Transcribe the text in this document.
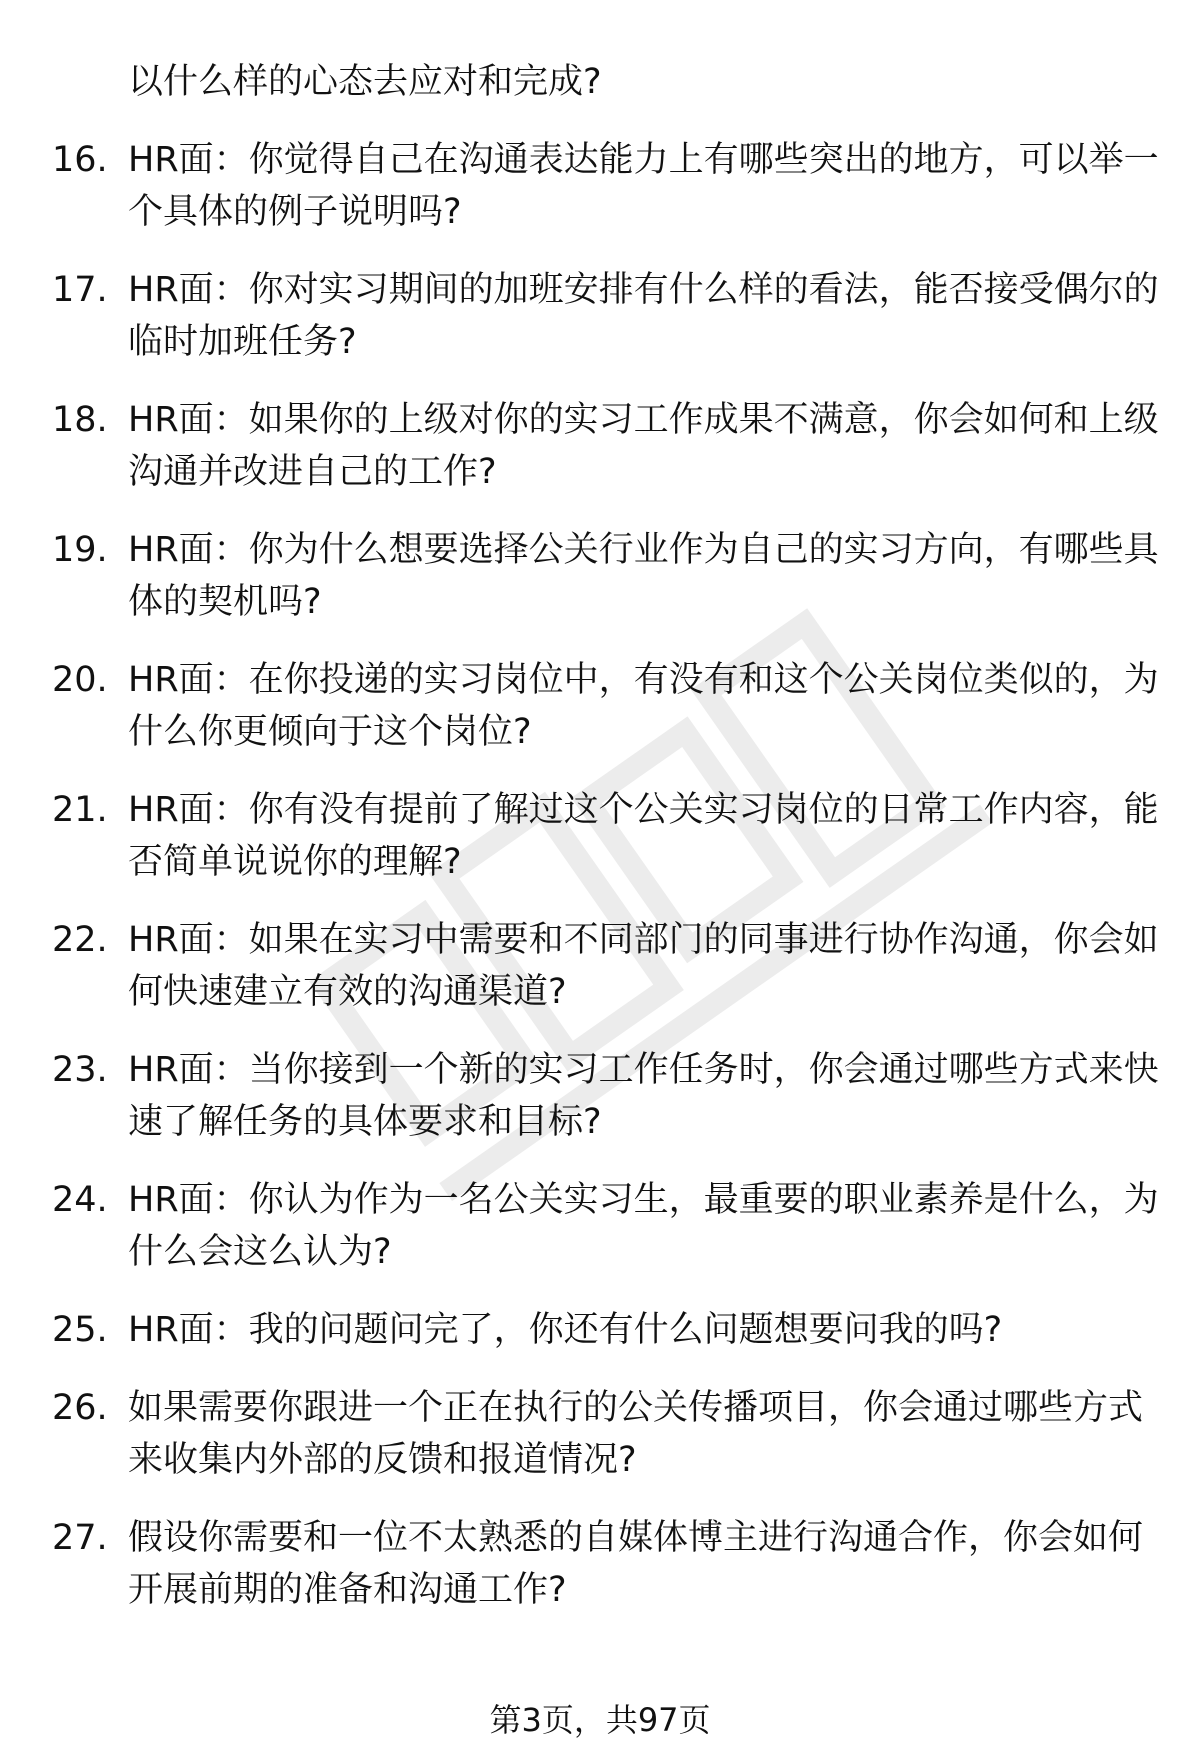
以什么样的心态去应对和完成?
16. HR面：你觉得自己在沟通表达能力上有哪些突出的地方，可以举一个具体的例子说明吗?
17. HR面：你对实习期间的加班安排有什么样的看法，能否接受偶尔的临时加班任务?
18. HR面：如果你的上级对你的实习工作成果不满意，你会如何和上级沟通并改进自己的工作?
19. HR面：你为什么想要选择公关行业作为自己的实习方向，有哪些具体的契机吗?
20. HR面：在你投递的实习岗位中，有没有和这个公关岗位类似的，为什么你更倾向于这个岗位?
21. HR面：你有没有提前了解过这个公关实习岗位的日常工作内容，能否简单说说你的理解?
22. HR面：如果在实习中需要和不同部门的同事进行协作沟通，你会如何快速建立有效的沟通渠道?
23. HR面：当你接到一个新的实习工作任务时，你会通过哪些方式来快速了解任务的具体要求和目标?
24. HR面：你认为作为一名公关实习生，最重要的职业素养是什么，为什么会这么认为?
25. HR面：我的问题问完了，你还有什么问题想要问我的吗?
26. 如果需要你跟进一个正在执行的公关传播项目，你会通过哪些方式来收集内外部的反馈和报道情况?
27. 假设你需要和一位不太熟悉的自媒体博主进行沟通合作，你会如何开展前期的准备和沟通工作?
第3页，共97页
